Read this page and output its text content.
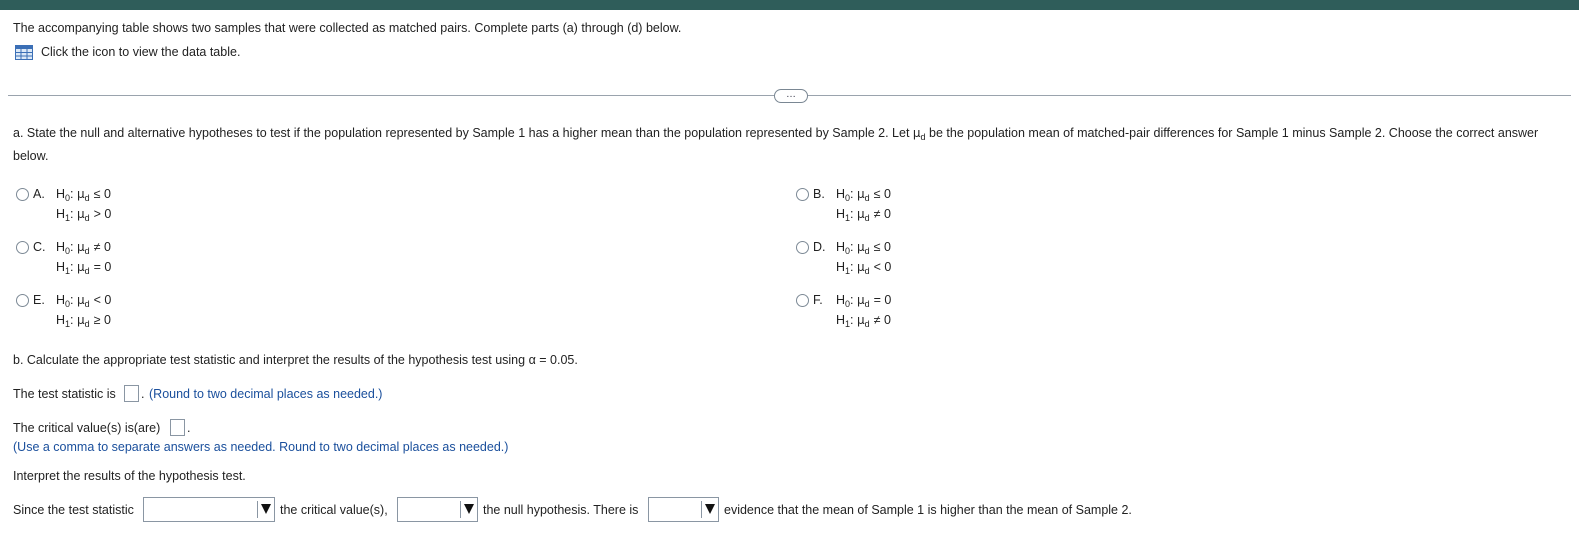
The accompanying table shows two samples that were collected as matched pairs. Complete parts (a) through (d) below.
Click the icon to view the data table.
…
a. State the null and alternative hypotheses to test if the population represented by Sample 1 has a higher mean than the population represented by Sample 2. Let $\mu_d$ be the population mean of matched-pair differences for Sample 1 minus Sample 2. Choose the correct answer below.
A. $H_0$: $\mu_d \le 0$
$H_1$: $\mu_d > 0$
B. $H_0$: $\mu_d \le 0$
$H_1$: $\mu_d \ne 0$
C. $H_0$: $\mu_d \ne 0$
$H_1$: $\mu_d = 0$
D. $H_0$: $\mu_d \le 0$
$H_1$: $\mu_d < 0$
E. $H_0$: $\mu_d < 0$
$H_1$: $\mu_d \ge 0$
F. $H_0$: $\mu_d = 0$
$H_1$: $\mu_d \ne 0$
b. Calculate the appropriate test statistic and interpret the results of the hypothesis test using α = 0.05.
The test statistic is . (Round to two decimal places as needed.)
The critical value(s) is(are) .
(Use a comma to separate answers as needed. Round to two decimal places as needed.)
Interpret the results of the hypothesis test.
Since the test statistic	the critical value(s),	the null hypothesis. There is	evidence that the mean of Sample 1 is higher than the mean of Sample 2.
